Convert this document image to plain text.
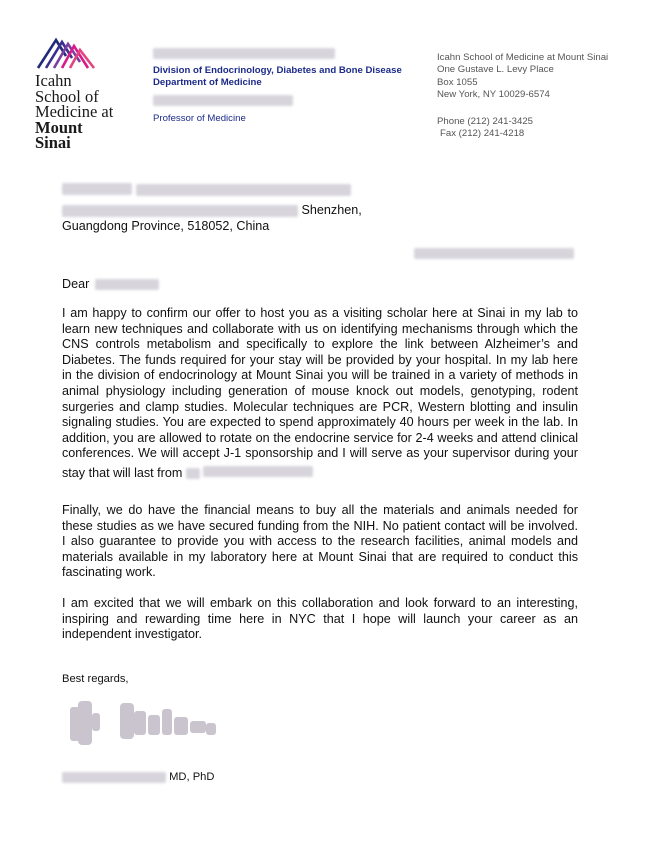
Icahn
School of
Medicine at
Mount
Sinai
Division of Endocrinology, Diabetes and Bone Disease
Department of Medicine
Professor of Medicine
Icahn School of Medicine at Mount Sinai
One Gustave L. Levy Place
Box 1055
New York, NY 10029-6574
Phone (212) 241-3425
Fax (212) 241-4218

Shenzhen,
Guangdong Province, 518052, China
Dear
I am happy to confirm our offer to host you as a visiting scholar here at Sinai in my lab to learn new techniques and collaborate with us on identifying mechanisms through which the CNS controls metabolism and specifically to explore the link between Alzheimer’s and Diabetes. The funds required for your stay will be provided by your hospital. In my lab here in the division of endocrinology at Mount Sinai you will be trained in a variety of methods in animal physiology including generation of mouse knock out models, genotyping, rodent surgeries and clamp studies. Molecular techniques are PCR, Western blotting and insulin signaling studies. You are expected to spend approximately 40 hours per week in the lab. In addition, you are allowed to rotate on the endocrine service for 2-4 weeks and attend clinical conferences. We will accept J-1 sponsorship and I will serve as your supervisor during your stay that will last from
Finally, we do have the financial means to buy all the materials and animals needed for these studies as we have secured funding from the NIH. No patient contact will be involved. I also guarantee to provide you with access to the research facilities, animal models and materials available in my laboratory here at Mount Sinai that are required to conduct this fascinating work.
I am excited that we will embark on this collaboration and look forward to an interesting, inspiring and rewarding time here in NYC that I hope will launch your career as an independent investigator.
Best regards,
MD, PhD
